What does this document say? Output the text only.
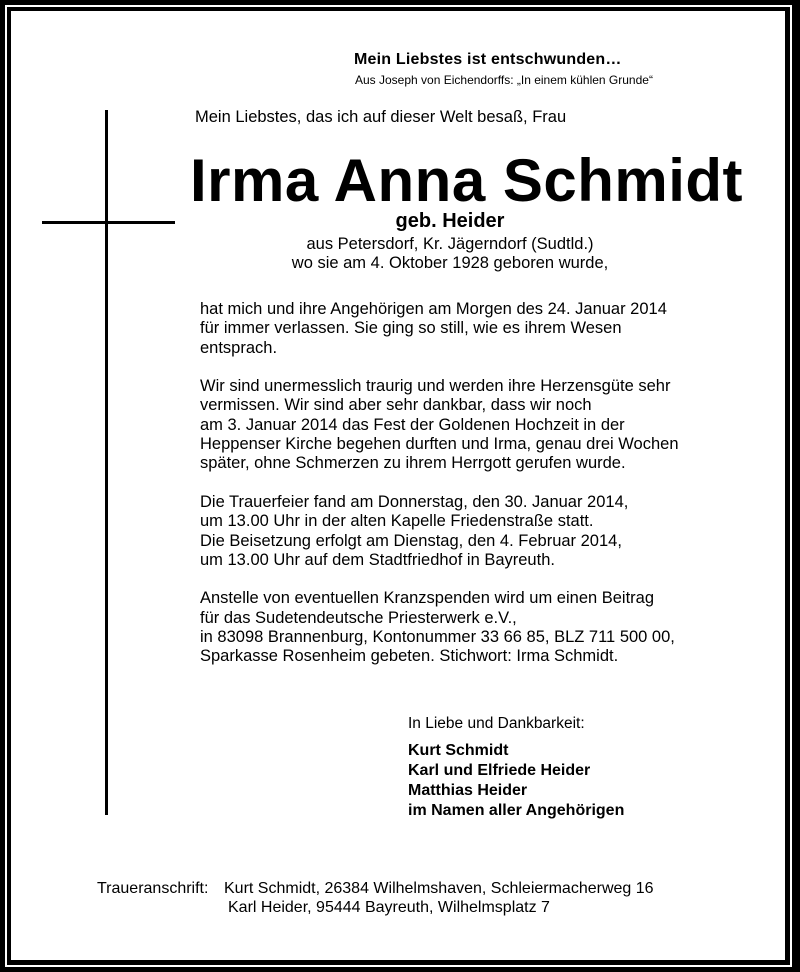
Mein Liebstes ist entschwunden…
Aus Joseph von Eichendorffs: „In einem kühlen Grunde“
Mein Liebstes, das ich auf dieser Welt besaß, Frau
Irma Anna Schmidt
geb. Heider
aus Petersdorf, Kr. Jägerndorf (Sudtld.)
wo sie am 4. Oktober 1928 geboren wurde,

hat mich und ihre Angehörigen am Morgen des 24. Januar 2014
für immer verlassen. Sie ging so still, wie es ihrem Wesen
entsprach.

Wir sind unermesslich traurig und werden ihre Herzensgüte sehr
vermissen. Wir sind aber sehr dankbar, dass wir noch
am 3. Januar 2014 das Fest der Goldenen Hochzeit in der
Heppenser Kirche begehen durften und Irma, genau drei Wochen
später, ohne Schmerzen zu ihrem Herrgott gerufen wurde.

Die Trauerfeier fand am Donnerstag, den 30. Januar 2014,
um 13.00 Uhr in der alten Kapelle Friedenstraße statt.
Die Beisetzung erfolgt am Dienstag, den 4. Februar 2014,
um 13.00 Uhr auf dem Stadtfriedhof in Bayreuth.

Anstelle von eventuellen Kranzspenden wird um einen Beitrag
für das Sudetendeutsche Priesterwerk e.V.,
in 83098 Brannenburg, Kontonummer 33 66 85, BLZ 711 500 00,
Sparkasse Rosenheim gebeten. Stichwort: Irma Schmidt.

In Liebe und Dankbarkeit:
Kurt Schmidt
Karl und Elfriede Heider
Matthias Heider
im Namen aller Angehörigen
Traueranschrift: Kurt Schmidt, 26384 Wilhelmshaven, Schleiermacherweg 16
Karl Heider, 95444 Bayreuth, Wilhelmsplatz 7
